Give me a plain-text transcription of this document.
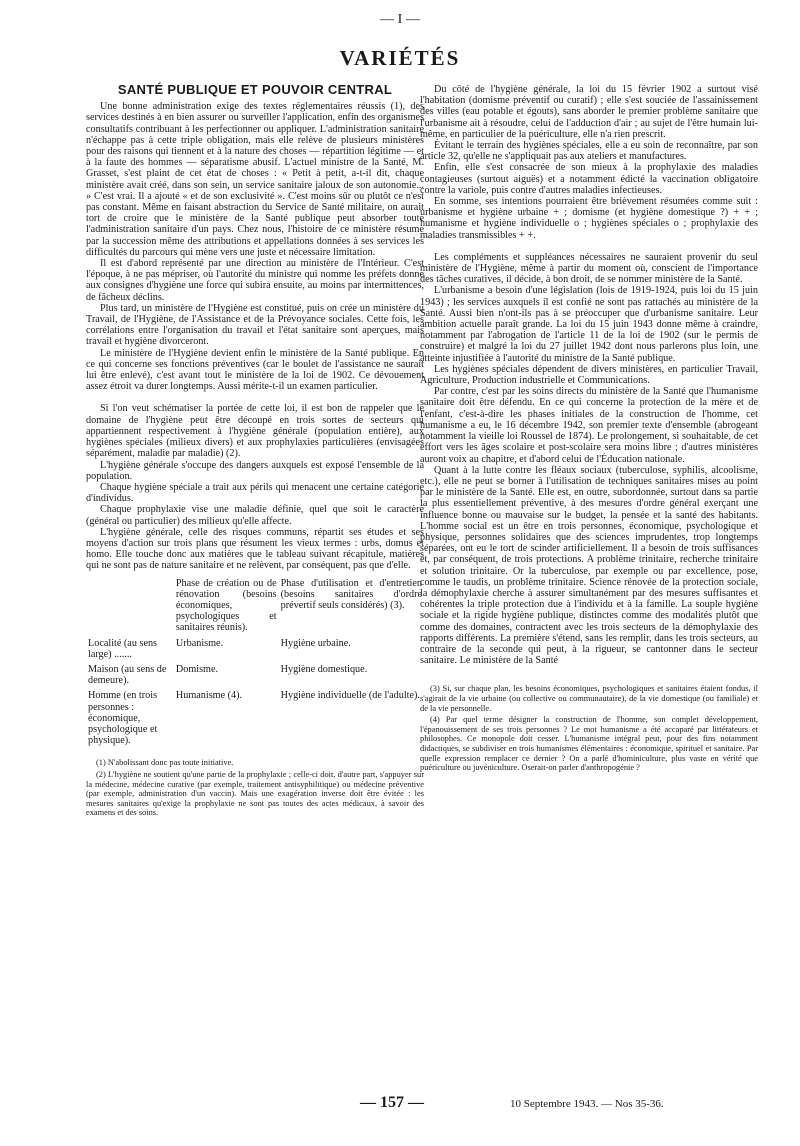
— I —
VARIÉTÉS
SANTÉ PUBLIQUE ET POUVOIR CENTRAL

Une bonne administration exige des textes réglementaires réussis (1), des services destinés à en bien assurer ou surveiller l'application, enfin des organismes consultatifs contribuant à les perfectionner ou appliquer. L'administration sanitaire n'échappe pas à cette triple obligation, mais elle relève de plusieurs ministères pour des raisons qui tiennent et à la nature des choses — répartition légitime — et à la faute des hommes — séparatisme abusif. L'actuel ministre de la Santé, M. Grasset, s'est plaint de cet état de choses : « Petit à petit, a-t-il dit, chaque ministère avait créé, dans son sein, un service sanitaire jaloux de son autonomie... » C'est vrai. Il a ajouté « et de son exclusivité ». C'est moins sûr ou plutôt ce n'est pas constant. Même en faisant abstraction du Service de Santé militaire, on aurait tort de croire que le ministère de la Santé publique peut absorber toute l'administration sanitaire d'un pays. Chez nous, l'histoire de ce ministère résume par la succession même des attributions et appellations données à ses services les difficultés du parcours qui mène vers une juste et nécessaire limitation.

Il est d'abord représenté par une direction au ministère de l'Intérieur. C'est l'époque, à ne pas mépriser, où l'autorité du ministre qui nomme les préfets donne aux consignes d'hygiène une force qui subira ensuite, au moins par intermittences, de fâcheux déclins.

Plus tard, un ministère de l'Hygiène est constitué, puis on crée un ministère du Travail, de l'Hygiène, de l'Assistance et de la Prévoyance sociales. Cette fois, les corrélations entre l'organisation du travail et l'état sanitaire sont aperçues, mais travail et hygiène divorceront.

Le ministère de l'Hygiène devient enfin le ministère de la Santé publique. En ce qui concerne ses fonctions préventives (car le boulet de l'assistance ne saurait lui être enlevé), c'est avant tout le ministère de la loi de 1902. Ce dévouement assez étroit va durer longtemps. Aussi mérite-t-il un examen particulier.

Si l'on veut schématiser la portée de cette loi, il est bon de rappeler que le domaine de l'hygiène peut être découpé en trois sortes de secteurs qui appartiennent respectivement à l'hygiène générale (population entière), aux hygiènes spéciales (milieux divers) et aux prophylaxies particulières (envisagées séparément, maladie par maladie) (2).

L'hygiène générale s'occupe des dangers auxquels est exposé l'ensemble de la population.

Chaque hygiène spéciale a trait aux périls qui menacent une certaine catégorie d'individus.

Chaque prophylaxie vise une maladie définie, quel que soit le caractère (général ou particulier) des milieux qu'elle affecte.

L'hygiène générale, celle des risques communs, répartit ses études et ses moyens d'action sur trois plans que résument les vieux termes : urbs, domus et homo. Elle touche donc aux matières que le tableau suivant récapitule, matières qui ne sont pas de nature sanitaire et ne relèvent, par conséquent, pas que d'elle.

	Phase de création ou de rénovation (besoins économiques, psychologiques et sanitaires réunis).	Phase d'utilisation et d'entretien (besoins sanitaires d'ordre prévertif seuls considérés) (3).
Localité (au sens large) .......	Urbanisme.	Hygiène urbaine.
Maison (au sens de demeure).	Domisme.	Hygiène domestique.
Homme (en trois personnes : économique, psychologique et physique).	Humanisme (4).	Hygiène individuelle (de l'adulte).

(1) N'abolissant donc pas toute initiative.

(2) L'hygiène ne soutient qu'une partie de la prophylaxie ; celle-ci doit, d'autre part, s'appuyer sur la médecine, médecine curative (par exemple, traitement antisyphilitique) ou médecine préventive (par exemple, administration d'un vaccin). Mais une exagération inverse doit être évitée : les mesures sanitaires qu'exige la prophylaxie ne sont pas toutes des actes médicaux, à savoir des examens et des soins.

Du côté de l'hygiène générale, la loi du 15 février 1902 a surtout visé l'habitation (domisme préventif ou curatif) ; elle s'est souciée de l'assainissement des villes (eau potable et égouts), sans aborder le premier problème sanitaire que l'urbanisme ait à résoudre, celui de l'adduction d'air ; au sujet de l'être humain lui-même, en particulier de la puériculture, elle n'a rien prescrit.

Évitant le terrain des hygiènes spéciales, elle a eu soin de reconnaître, par son article 32, qu'elle ne s'appliquait pas aux ateliers et manufactures.

Enfin, elle s'est consacrée de son mieux à la prophylaxie des maladies contagieuses (surtout aiguës) et a notamment édicté la vaccination obligatoire contre la variole, puis contre d'autres maladies infectieuses.

En somme, ses intentions pourraient être brièvement résumées comme suit : urbanisme et hygiène urbaine + ; domisme (et hygiène domestique ?) + + ; humanisme et hygiène individuelle o ; hygiènes spéciales o ; prophylaxie des maladies transmissibles + +.

Les compléments et suppléances nécessaires ne sauraient provenir du seul ministère de l'Hygiène, même à partir du moment où, conscient de l'importance des tâches curatives, il décide, à bon droit, de se nommer ministère de la Santé.

L'urbanisme a besoin d'une législation (lois de 1919-1924, puis loi du 15 juin 1943) ; les services auxquels il est confié ne sont pas rattachés au ministère de la Santé. Aussi bien n'ont-ils pas à se préoccuper que d'urbanisme sanitaire. Leur ambition actuelle paraît grande. La loi du 15 juin 1943 donne même à craindre, notamment par l'abrogation de l'article 11 de la loi de 1902 (sur le permis de construire) et malgré la loi du 27 juillet 1942 dont nous parlerons plus loin, une atteinte injustifiée à l'autorité du ministre de la Santé publique.

Les hygiènes spéciales dépendent de divers ministères, en particulier Travail, Agriculture, Production industrielle et Communications.

Par contre, c'est par les soins directs du ministère de la Santé que l'humanisme sanitaire doit être défendu. En ce qui concerne la protection de la mère et de l'enfant, c'est-à-dire les phases initiales de la construction de l'homme, cet humanisme a eu, le 16 décembre 1942, son premier texte d'ensemble (abrogeant notamment la vieille loi Roussel de 1874). Le prolongement, si souhaitable, de cet effort vers les âges scolaire et post-scolaire sera moins libre ; d'autres ministères auront voix au chapitre, et d'abord celui de l'Éducation nationale.

Quant à la lutte contre les fléaux sociaux (tuberculose, syphilis, alcoolisme, etc.), elle ne peut se borner à l'utilisation de techniques sanitaires mises au point par le ministère de la Santé. Elle est, en outre, subordonnée, surtout dans sa partie la plus essentiellement préventive, à des mesures d'ordre général exerçant une influence bonne ou mauvaise sur le budget, la pensée et la santé des habitants. L'homme social est un être en trois personnes, économique, psychologique et physique, personnes solidaires que des sciences imprudentes, trop longtemps séparées, ont eu le tort de scinder artificiellement. Il a besoin de trois suffisances et, par conséquent, de trois protections. A problème trinitaire, recherche trinitaire et solution trinitaire. Or la tuberculose, par exemple ou par excellence, pose, comme le taudis, un problème trinitaire. Science rénovée de la protection sociale, la démophylaxie cherche à assurer simultanément par des mesures suffisantes et cohérentes la triple protection due à l'individu et à la famille. La souple hygiène sociale et la rigide hygiène publique, distinctes comme des modalités plutôt que comme des domaines, contractent avec les trois secteurs de la démophylaxie des rapports différents. La première s'étend, sans les remplir, dans les trois secteurs, au contraire de la seconde qui peut, à la rigueur, se cantonner dans le secteur sanitaire. Le ministère de la Santé

(3) Si, sur chaque plan, les besoins économiques, psychologiques et sanitaires étaient fondus, il s'agirait de la vie urbaine (ou collective ou communautaire), de la vie domestique (ou familiale) et de la vie personnelle.

(4) Par quel terme désigner la construction de l'homme, son complet développement, l'épanouissement de ses trois personnes ? Le mot humanisme a été accaparé par littérateurs et philosophes. Ce monopole doit cesser. L'humanisme intégral peut, pour des fins notamment didactiques, se subdiviser en trois humanismes élémentaires : économique, spirituel et sanitaire. Par quelle expression remplacer ce dernier ? On a parlé d'hominiculture, plus vaste en vérité que puériculture ou juvéniculture. Oserait-on parler d'anthropogénie ?

— 157 —	10 Septembre 1943. — Nos 35-36.
